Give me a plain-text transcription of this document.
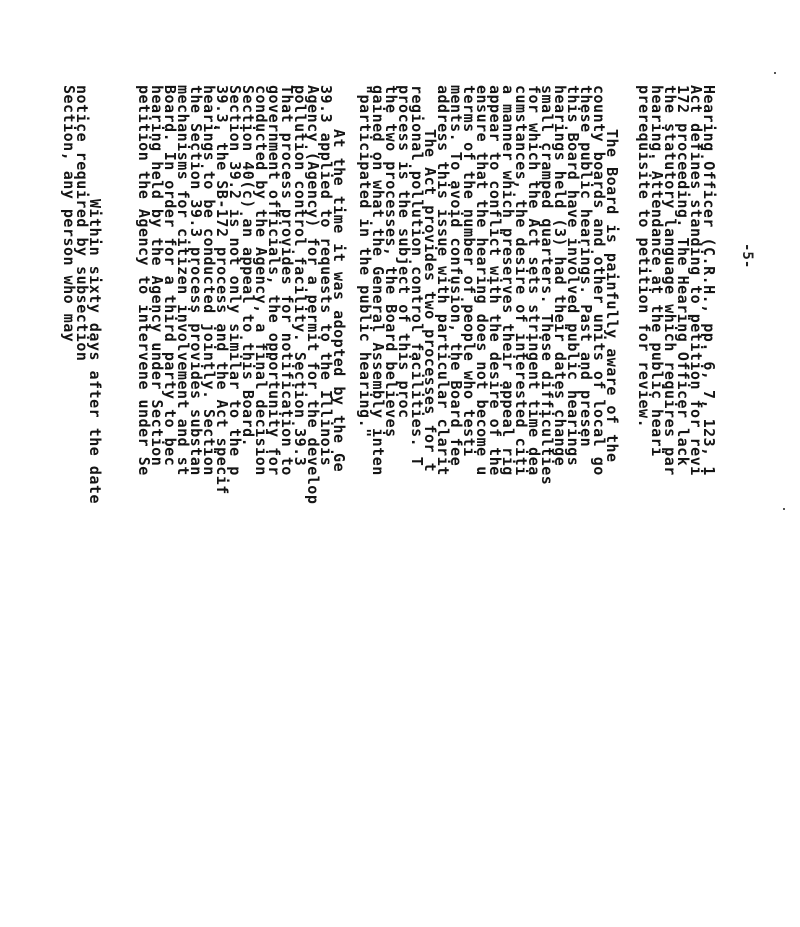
Hearing Officer (C.R.H., pp. 6, 7, 123, 1
Act defines standing to petition for revi
172 proceeding. The Hearing Officer lack
the statutory language which requires par
hearing. Attendance at the public heari
prerequisite to petition for review.
The Board is painfully aware of the
county boards and other units of local go
these public hearings. Past and presen
this Board have involved public hearings
hearings held (3) had their dates change
small cramped quarters. These difficulties
for which the Act sets stringent time dea
cumstances, the desire of interested citi
a manner which preserves their appeal rig
appear to conflict with the desire of the
ensure that the hearing does not become u
terms of the number of people who testi
ments. To avoid confusion, the Board fee
address this issue with particular clarit
The Act provides two processes for t
regional pollution control facilities. T
process is the subject of this proc
the two processes, the Board believes
gained on what the General Assembly inten
"participated in the public hearing."
At the time it was adopted by the Ge
39.3 applied to requests to the Illinois
Agency (Agency) for a permit for the develop
pollution control facility. Section 39.3
That process provides for notification to
government officials, the opportunity for
conducted by the Agency, a final decision
Section 40(c) an appeal to this Board.
Section 39.2 is not only similar to the p
39.3, the SB-172 process and the Act specif
hearings to be conducted jointly. Section
the Section 39.3 process provides substan
mechanisms for citizen involvement and st
Board. In order for a third party to bec
hearing held by the Agency under Section
petition the Agency to intervene under Se
Within sixty days after the date
notice required by subsection
Section, any person who may	-5-
